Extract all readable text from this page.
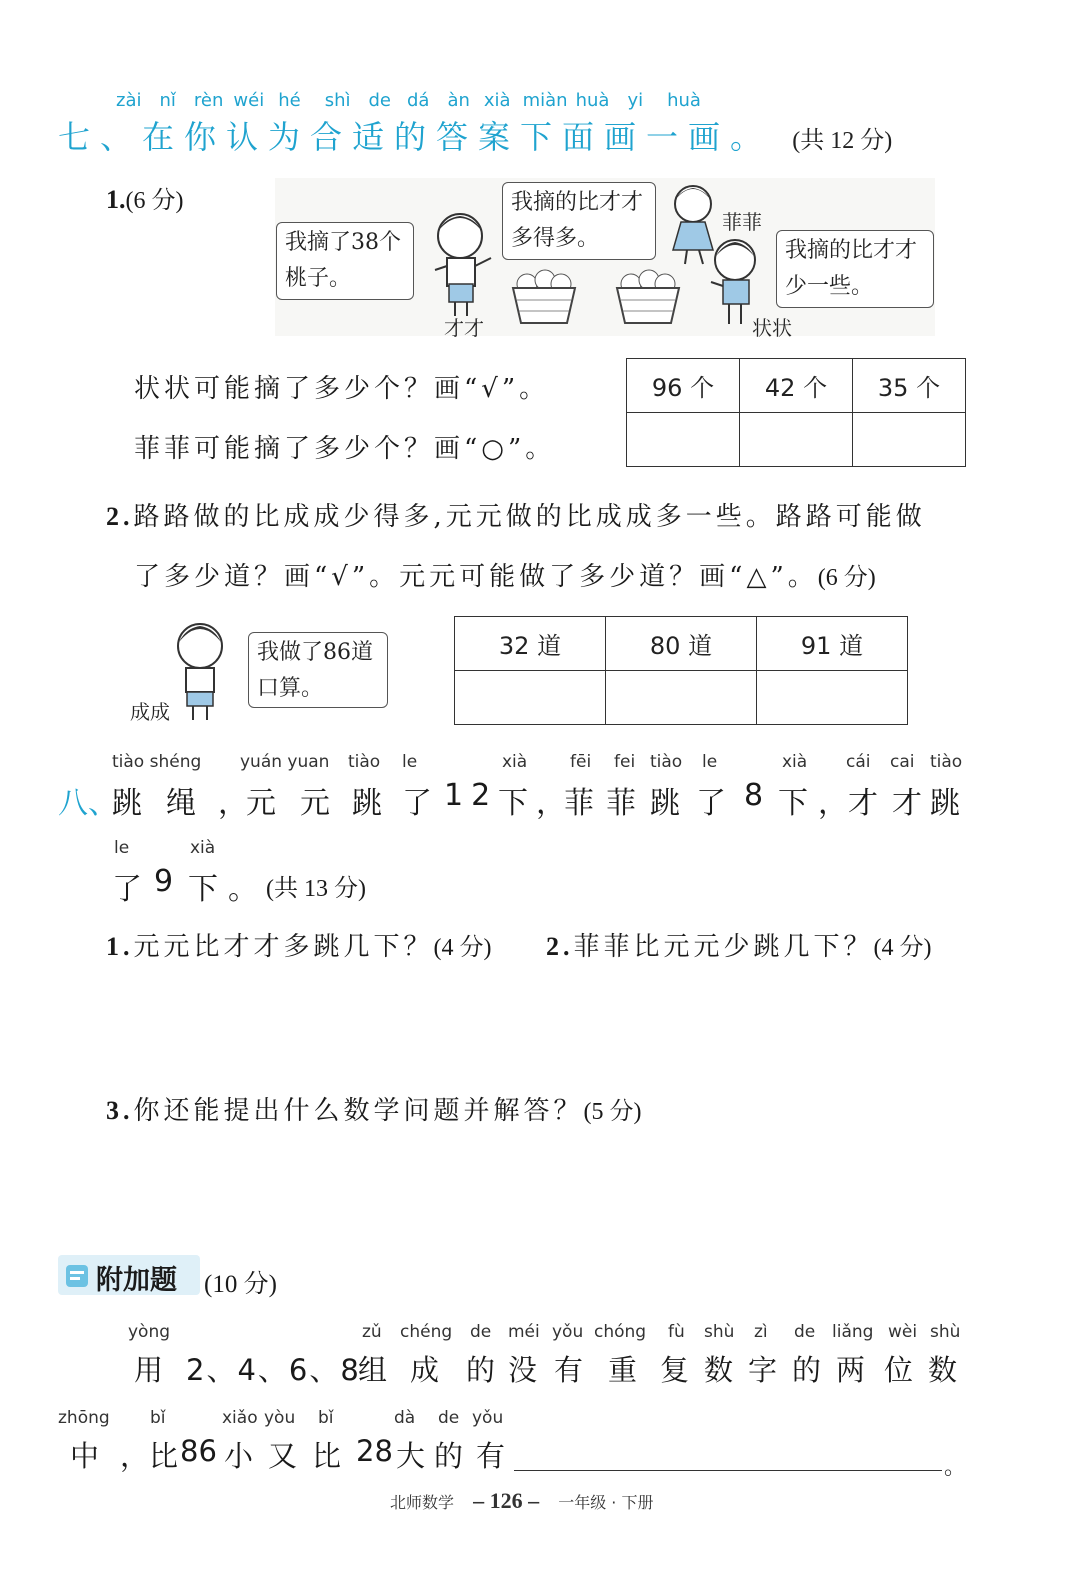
zài nǐ rèn wéi hé shì de dá àn xià miàn huà yi huà
七、在你认为合适的答案下面画一画。 (共 12 分)
1.(6 分)
我摘了38个
桃子。
我摘的比才才
多得多。	我摘的比才才
少一些。
才才
菲菲
状状
状状可能摘了多少个？画“√”。
菲菲可能摘了多少个？画“○”。
96 个	42 个	35 个

2.路路做的比成成少得多,元元做的比成成多一些。路路可能做
了多少道？画“√”。元元可能做了多少道？画“△”。(6 分)
成成
我做了86道
口算。
32 道	80 道	91 道

tiào shéng yuán yuan tiào le	xià	fēi fei tiào le	xià cái cai tiào
八、
跳 绳 ，
元 元 跳 了 12 下 ，
菲 菲 跳 了 8 下 ， 才 才 跳
le	xià
了 9 下 。 (共 13 分)
1.元元比才才多跳几下？(4 分) 2.菲菲比元元少跳几下？(4 分)
3.你还能提出什么数学问题并解答？(5 分)
附加题 (10 分)
yòng	zǔ chéng de méi yǒu chóng fù shù zì de liǎng wèi shù
用 2、4、6、8
组 成 的 没 有 重 复 数 字 的 两 位 数
zhōng bǐ	xiǎo yòu bǐ	dà de yǒu
中 ，比 86 小 又 比 28 大 的 有	。
北师数学 – 126 – 一年级 · 下册
